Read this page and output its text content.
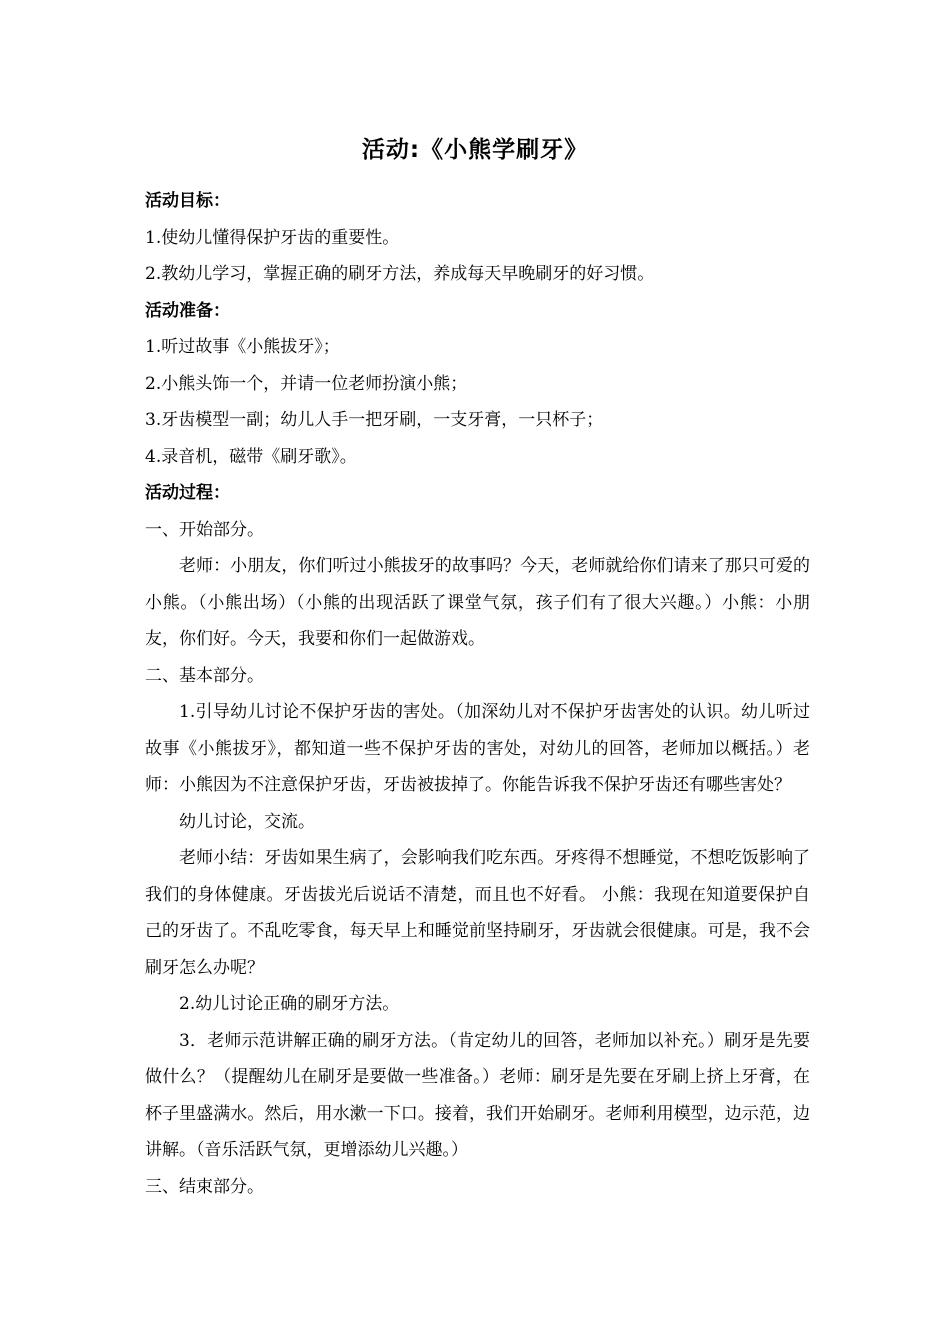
活动:《小熊学刷牙》

活动目标：

1.使幼儿懂得保护牙齿的重要性。

2.教幼儿学习，掌握正确的刷牙方法，养成每天早晚刷牙的好习惯。

活动准备：

1.听过故事《小熊拔牙》；

2.小熊头饰一个，并请一位老师扮演小熊；

3.牙齿模型一副；幼儿人手一把牙刷，一支牙膏，一只杯子；

4.录音机，磁带《刷牙歌》。

活动过程：

一、开始部分。

老师：小朋友，你们听过小熊拔牙的故事吗？今天，老师就给你们请来了那只可爱的小熊。（小熊出场）（小熊的出现活跃了课堂气氛，孩子们有了很大兴趣。）小熊：小朋友，你们好。今天，我要和你们一起做游戏。

二、基本部分。

1.引导幼儿讨论不保护牙齿的害处。（加深幼儿对不保护牙齿害处的认识。幼儿听过故事《小熊拔牙》，都知道一些不保护牙齿的害处，对幼儿的回答，老师加以概括。）老师：小熊因为不注意保护牙齿，牙齿被拔掉了。你能告诉我不保护牙齿还有哪些害处？

幼儿讨论，交流。

老师小结：牙齿如果生病了，会影响我们吃东西。牙疼得不想睡觉，不想吃饭影响了我们的身体健康。牙齿拔光后说话不清楚，而且也不好看。 小熊：我现在知道要保护自己的牙齿了。不乱吃零食，每天早上和睡觉前坚持刷牙，牙齿就会很健康。可是，我不会刷牙怎么办呢？

2.幼儿讨论正确的刷牙方法。

3．老师示范讲解正确的刷牙方法。（肯定幼儿的回答，老师加以补充。）刷牙是先要做什么？（提醒幼儿在刷牙是要做一些准备。）老师：刷牙是先要在牙刷上挤上牙膏，在杯子里盛满水。然后，用水漱一下口。接着，我们开始刷牙。老师利用模型，边示范，边讲解。（音乐活跃气氛，更增添幼儿兴趣。）

三、结束部分。
